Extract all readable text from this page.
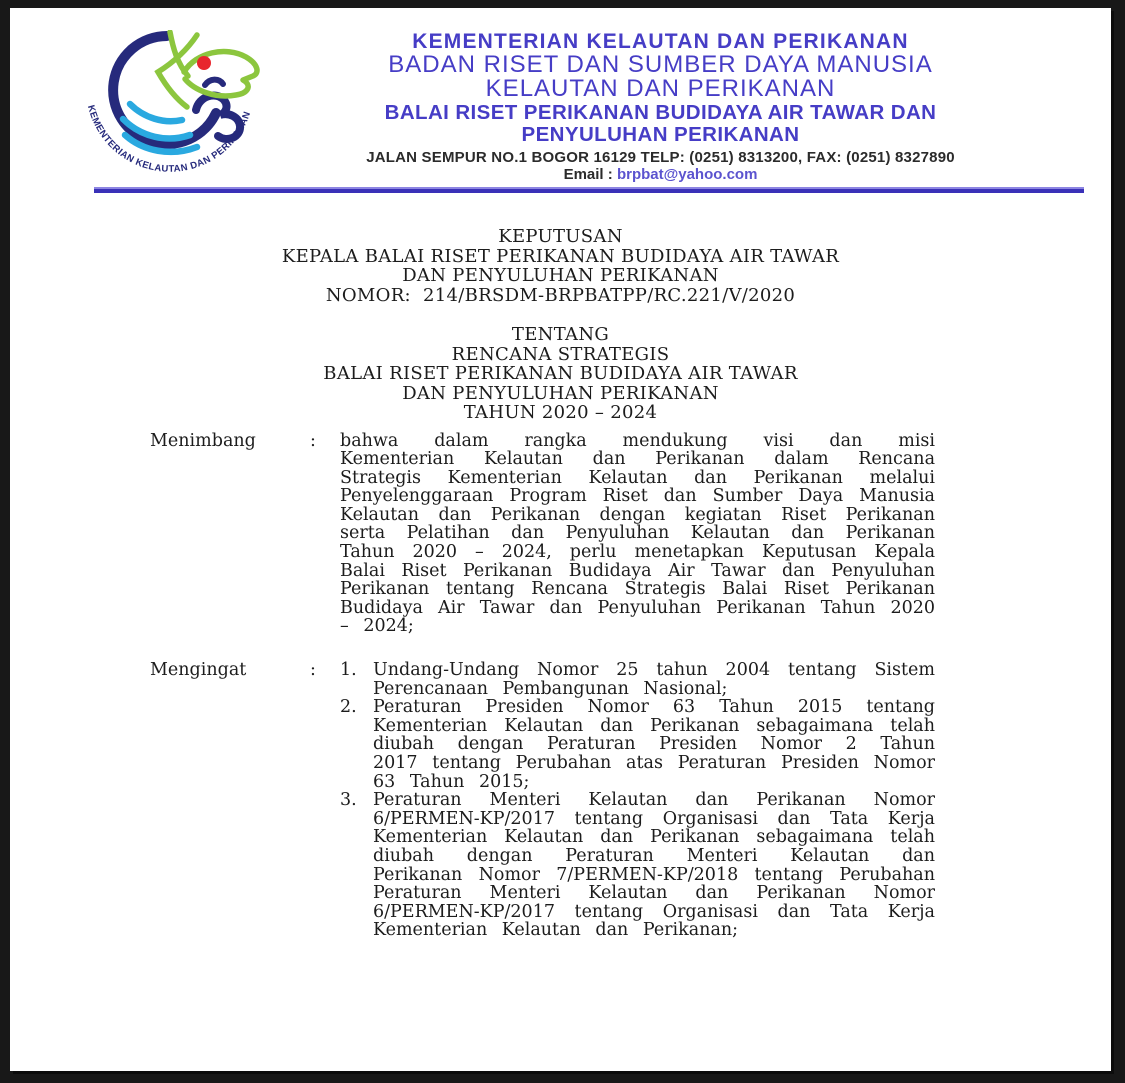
KEMENTERIAN KELAUTAN DAN PERIKANAN
KEMENTERIAN KELAUTAN DAN PERIKANAN
BADAN RISET DAN SUMBER DAYA MANUSIA
KELAUTAN DAN PERIKANAN
BALAI RISET PERIKANAN BUDIDAYA AIR TAWAR DAN
PENYULUHAN PERIKANAN
JALAN SEMPUR NO.1 BOGOR 16129 TELP: (0251) 8313200, FAX: (0251) 8327890
Email : brpbat@yahoo.com
KEPUTUSAN
KEPALA BALAI RISET PERIKANAN BUDIDAYA AIR TAWAR
DAN PENYULUHAN PERIKANAN
NOMOR:  214/BRSDM-BRPBATPP/RC.221/V/2020
TENTANG
RENCANA STRATEGIS
BALAI RISET PERIKANAN BUDIDAYA AIR TAWAR
DAN PENYULUHAN PERIKANAN
TAHUN 2020 – 2024
Menimbang	:	bahwa dalam rangka mendukung visi dan misi Kementerian Kelautan dan Perikanan dalam Rencana Strategis Kementerian Kelautan dan Perikanan melalui Penyelenggaraan Program Riset dan Sumber Daya Manusia Kelautan dan Perikanan dengan kegiatan Riset Perikanan serta Pelatihan dan Penyuluhan Kelautan dan Perikanan Tahun 2020 – 2024, perlu menetapkan Keputusan Kepala Balai Riset Perikanan Budidaya Air Tawar dan Penyuluhan Perikanan tentang Rencana Strategis Balai Riset Perikanan Budidaya Air Tawar dan Penyuluhan Perikanan Tahun 2020 – 2024;
Mengingat	:	1. Undang-Undang Nomor 25 tahun 2004 tentang Sistem Perencanaan Pembangunan Nasional;
2. Peraturan Presiden Nomor 63 Tahun 2015 tentang Kementerian Kelautan dan Perikanan sebagaimana telah diubah dengan Peraturan Presiden Nomor 2 Tahun 2017 tentang Perubahan atas Peraturan Presiden Nomor 63 Tahun 2015;
3. Peraturan Menteri Kelautan dan Perikanan Nomor 6/PERMEN-KP/2017 tentang Organisasi dan Tata Kerja Kementerian Kelautan dan Perikanan sebagaimana telah diubah dengan Peraturan Menteri Kelautan dan Perikanan Nomor 7/PERMEN-KP/2018 tentang Perubahan Peraturan Menteri Kelautan dan Perikanan Nomor 6/PERMEN-KP/2017 tentang Organisasi dan Tata Kerja Kementerian Kelautan dan Perikanan;
